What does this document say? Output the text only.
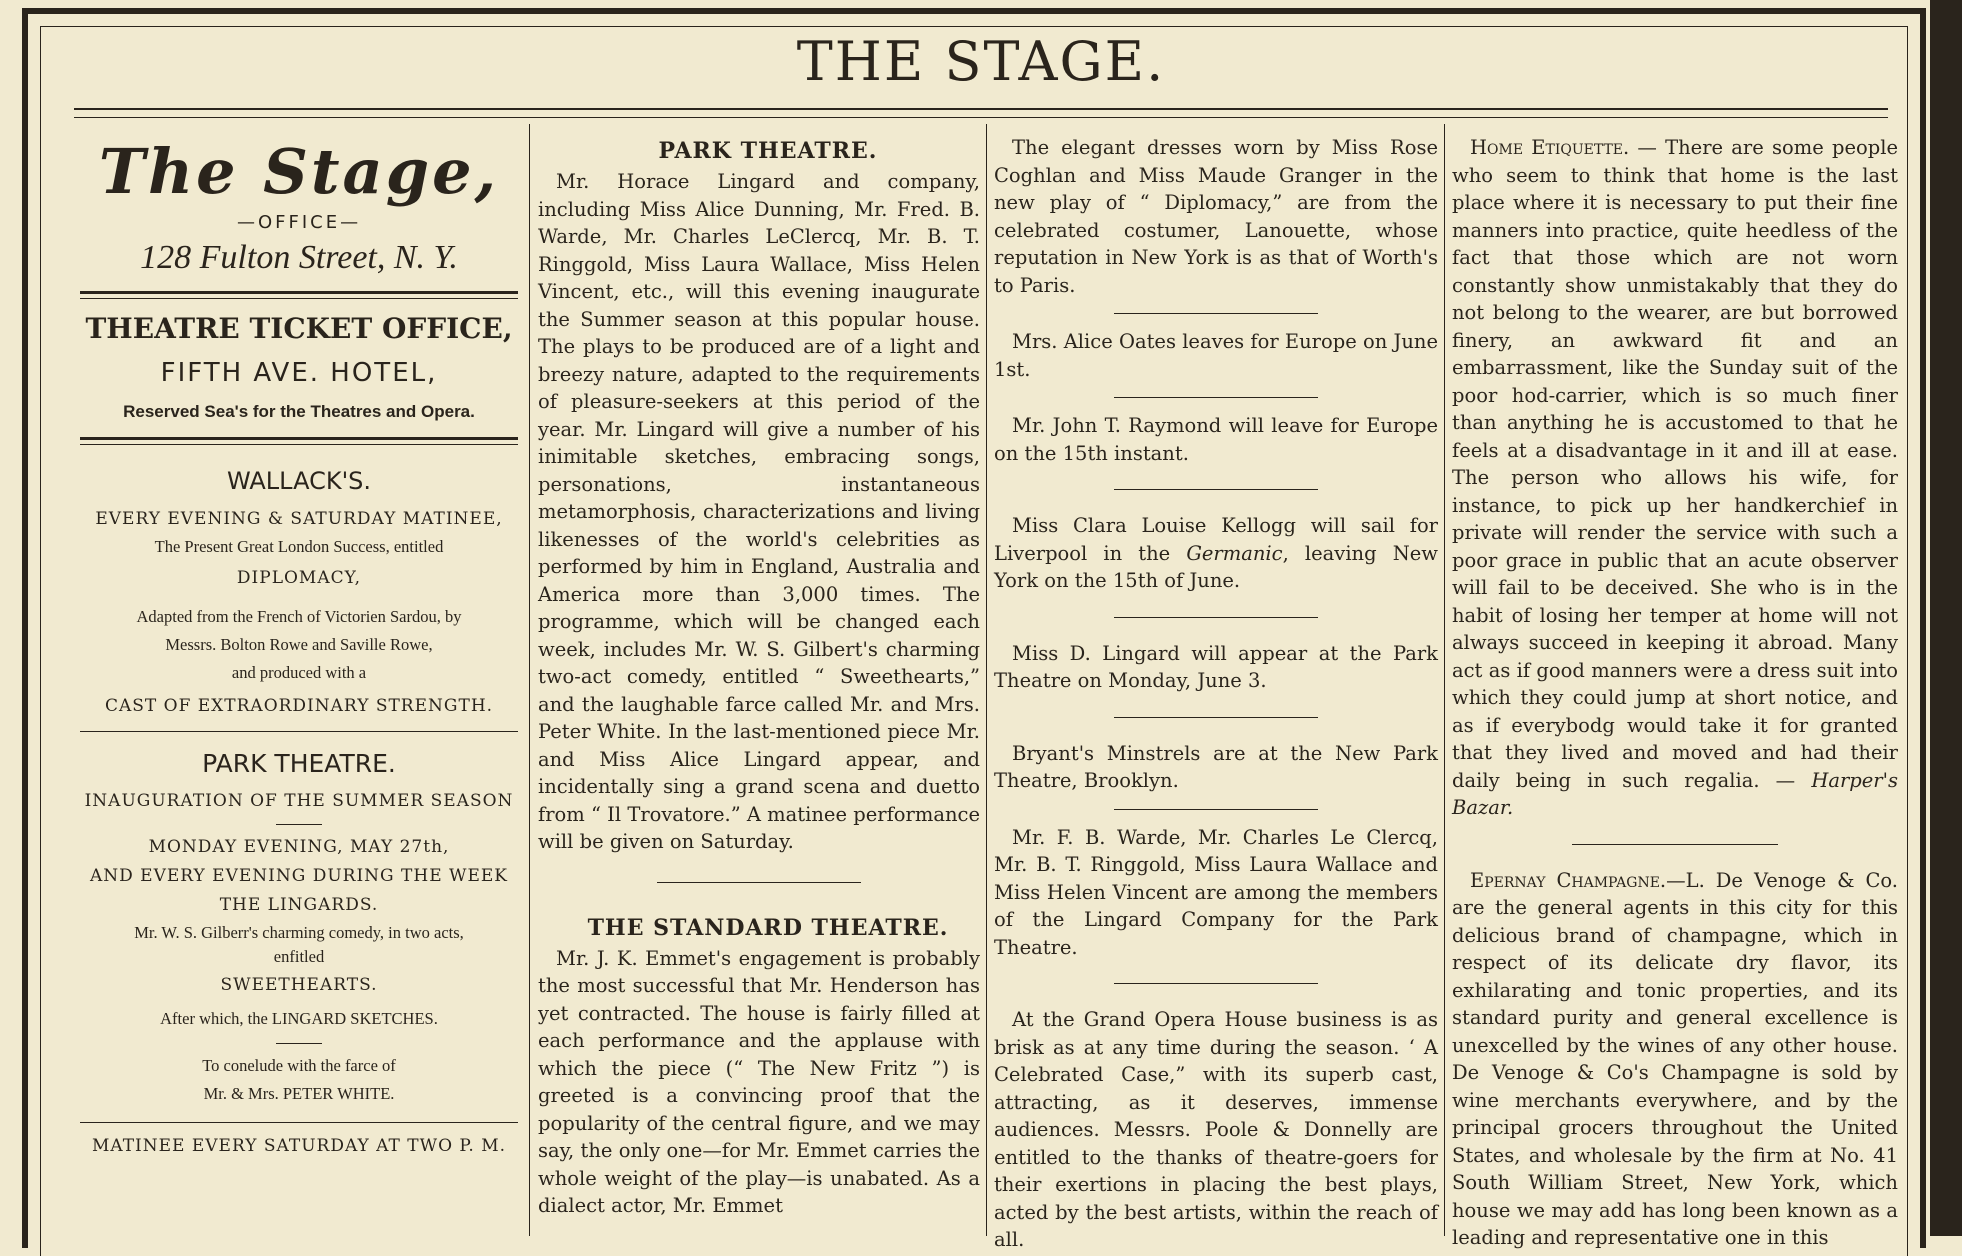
THE STAGE.
The Stage,
—OFFICE—
128 Fulton Street, N. Y.
THEATRE TICKET OFFICE,
FIFTH AVE. HOTEL,
Reserved Sea's for the Theatres and Opera.
WALLACK'S.
EVERY EVENING & SATURDAY MATINEE,
The Present Great London Success, entitled
DIPLOMACY,
Adapted from the French of Victorien Sardou, by
Messrs. Bolton Rowe and Saville Rowe,
and produced with a
CAST OF EXTRAORDINARY STRENGTH.
PARK THEATRE.
INAUGURATION OF THE SUMMER SEASON
MONDAY EVENING, MAY 27th,
AND EVERY EVENING DURING THE WEEK
THE LINGARDS.
Mr. W. S. Gilberr's charming comedy, in two acts,
enfitled
SWEETHEARTS.
After which, the LINGARD SKETCHES.
To conelude with the farce of
Mr. & Mrs. PETER WHITE.
MATINEE EVERY SATURDAY AT TWO P. M.

PARK THEATRE.

Mr. Horace Lingard and company, including Miss Alice Dunning, Mr. Fred. B. Warde, Mr. Charles LeClercq, Mr. B. T. Ringgold, Miss Laura Wallace, Miss Helen Vincent, etc., will this evening inaugurate the Summer season at this popular house. The plays to be produced are of a light and breezy nature, adapted to the requirements of pleasure-seekers at this period of the year. Mr. Lingard will give a number of his inimitable sketches, embracing songs, personations, instantaneous metamorphosis, characterizations and living likenesses of the world's celebrities as performed by him in England, Australia and America more than 3,000 times. The programme, which will be changed each week, includes Mr. W. S. Gilbert's charming two-act comedy, entitled “ Sweethearts,” and the laughable farce called Mr. and Mrs. Peter White. In the last-mentioned piece Mr. and Miss Alice Lingard appear, and incidentally sing a grand scena and duetto from “ Il Trovatore.” A matinee performance will be given on Saturday.

THE STANDARD THEATRE.

Mr. J. K. Emmet's engagement is probably the most successful that Mr. Henderson has yet contracted. The house is fairly filled at each performance and the applause with which the piece (“ The New Fritz ”) is greeted is a convincing proof that the popularity of the central figure, and we may say, the only one—for Mr. Emmet carries the whole weight of the play—is unabated. As a dialect actor, Mr. Emmet

The elegant dresses worn by Miss Rose Coghlan and Miss Maude Granger in the new play of “ Diplomacy,” are from the celebrated costumer, Lanouette, whose reputation in New York is as that of Worth's to Paris.

Mrs. Alice Oates leaves for Europe on June 1st.

Mr. John T. Raymond will leave for Europe on the 15th instant.

Miss Clara Louise Kellogg will sail for Liverpool in the Germanic, leaving New York on the 15th of June.

Miss D. Lingard will appear at the Park Theatre on Monday, June 3.

Bryant's Minstrels are at the New Park Theatre, Brooklyn.

Mr. F. B. Warde, Mr. Charles Le Clercq, Mr. B. T. Ringgold, Miss Laura Wallace and Miss Helen Vincent are among the members of the Lingard Company for the Park Theatre.

At the Grand Opera House business is as brisk as at any time during the season. ‘ A Celebrated Case,” with its superb cast, attracting, as it deserves, immense audiences. Messrs. Poole & Donnelly are entitled to the thanks of theatre-goers for their exertions in placing the best plays, acted by the best artists, within the reach of all.

Home Etiquette. — There are some people who seem to think that home is the last place where it is necessary to put their fine manners into practice, quite heedless of the fact that those which are not worn constantly show unmistakably that they do not belong to the wearer, are but borrowed finery, an awkward fit and an embarrassment, like the Sunday suit of the poor hod-carrier, which is so much finer than anything he is accustomed to that he feels at a disadvantage in it and ill at ease. The person who allows his wife, for instance, to pick up her handkerchief in private will render the service with such a poor grace in public that an acute observer will fail to be deceived. She who is in the habit of losing her temper at home will not always succeed in keeping it abroad. Many act as if good manners were a dress suit into which they could jump at short notice, and as if everybodg would take it for granted that they lived and moved and had their daily being in such regalia. — Harper's Bazar.

Epernay Champagne.—L. De Venoge & Co. are the general agents in this city for this delicious brand of champagne, which in respect of its delicate dry flavor, its exhilarating and tonic properties, and its standard purity and general excellence is unexcelled by the wines of any other house. De Venoge & Co's Champagne is sold by wine merchants everywhere, and by the principal grocers throughout the United States, and wholesale by the firm at No. 41 South William Street, New York, which house we may add has long been known as a leading and representative one in this
